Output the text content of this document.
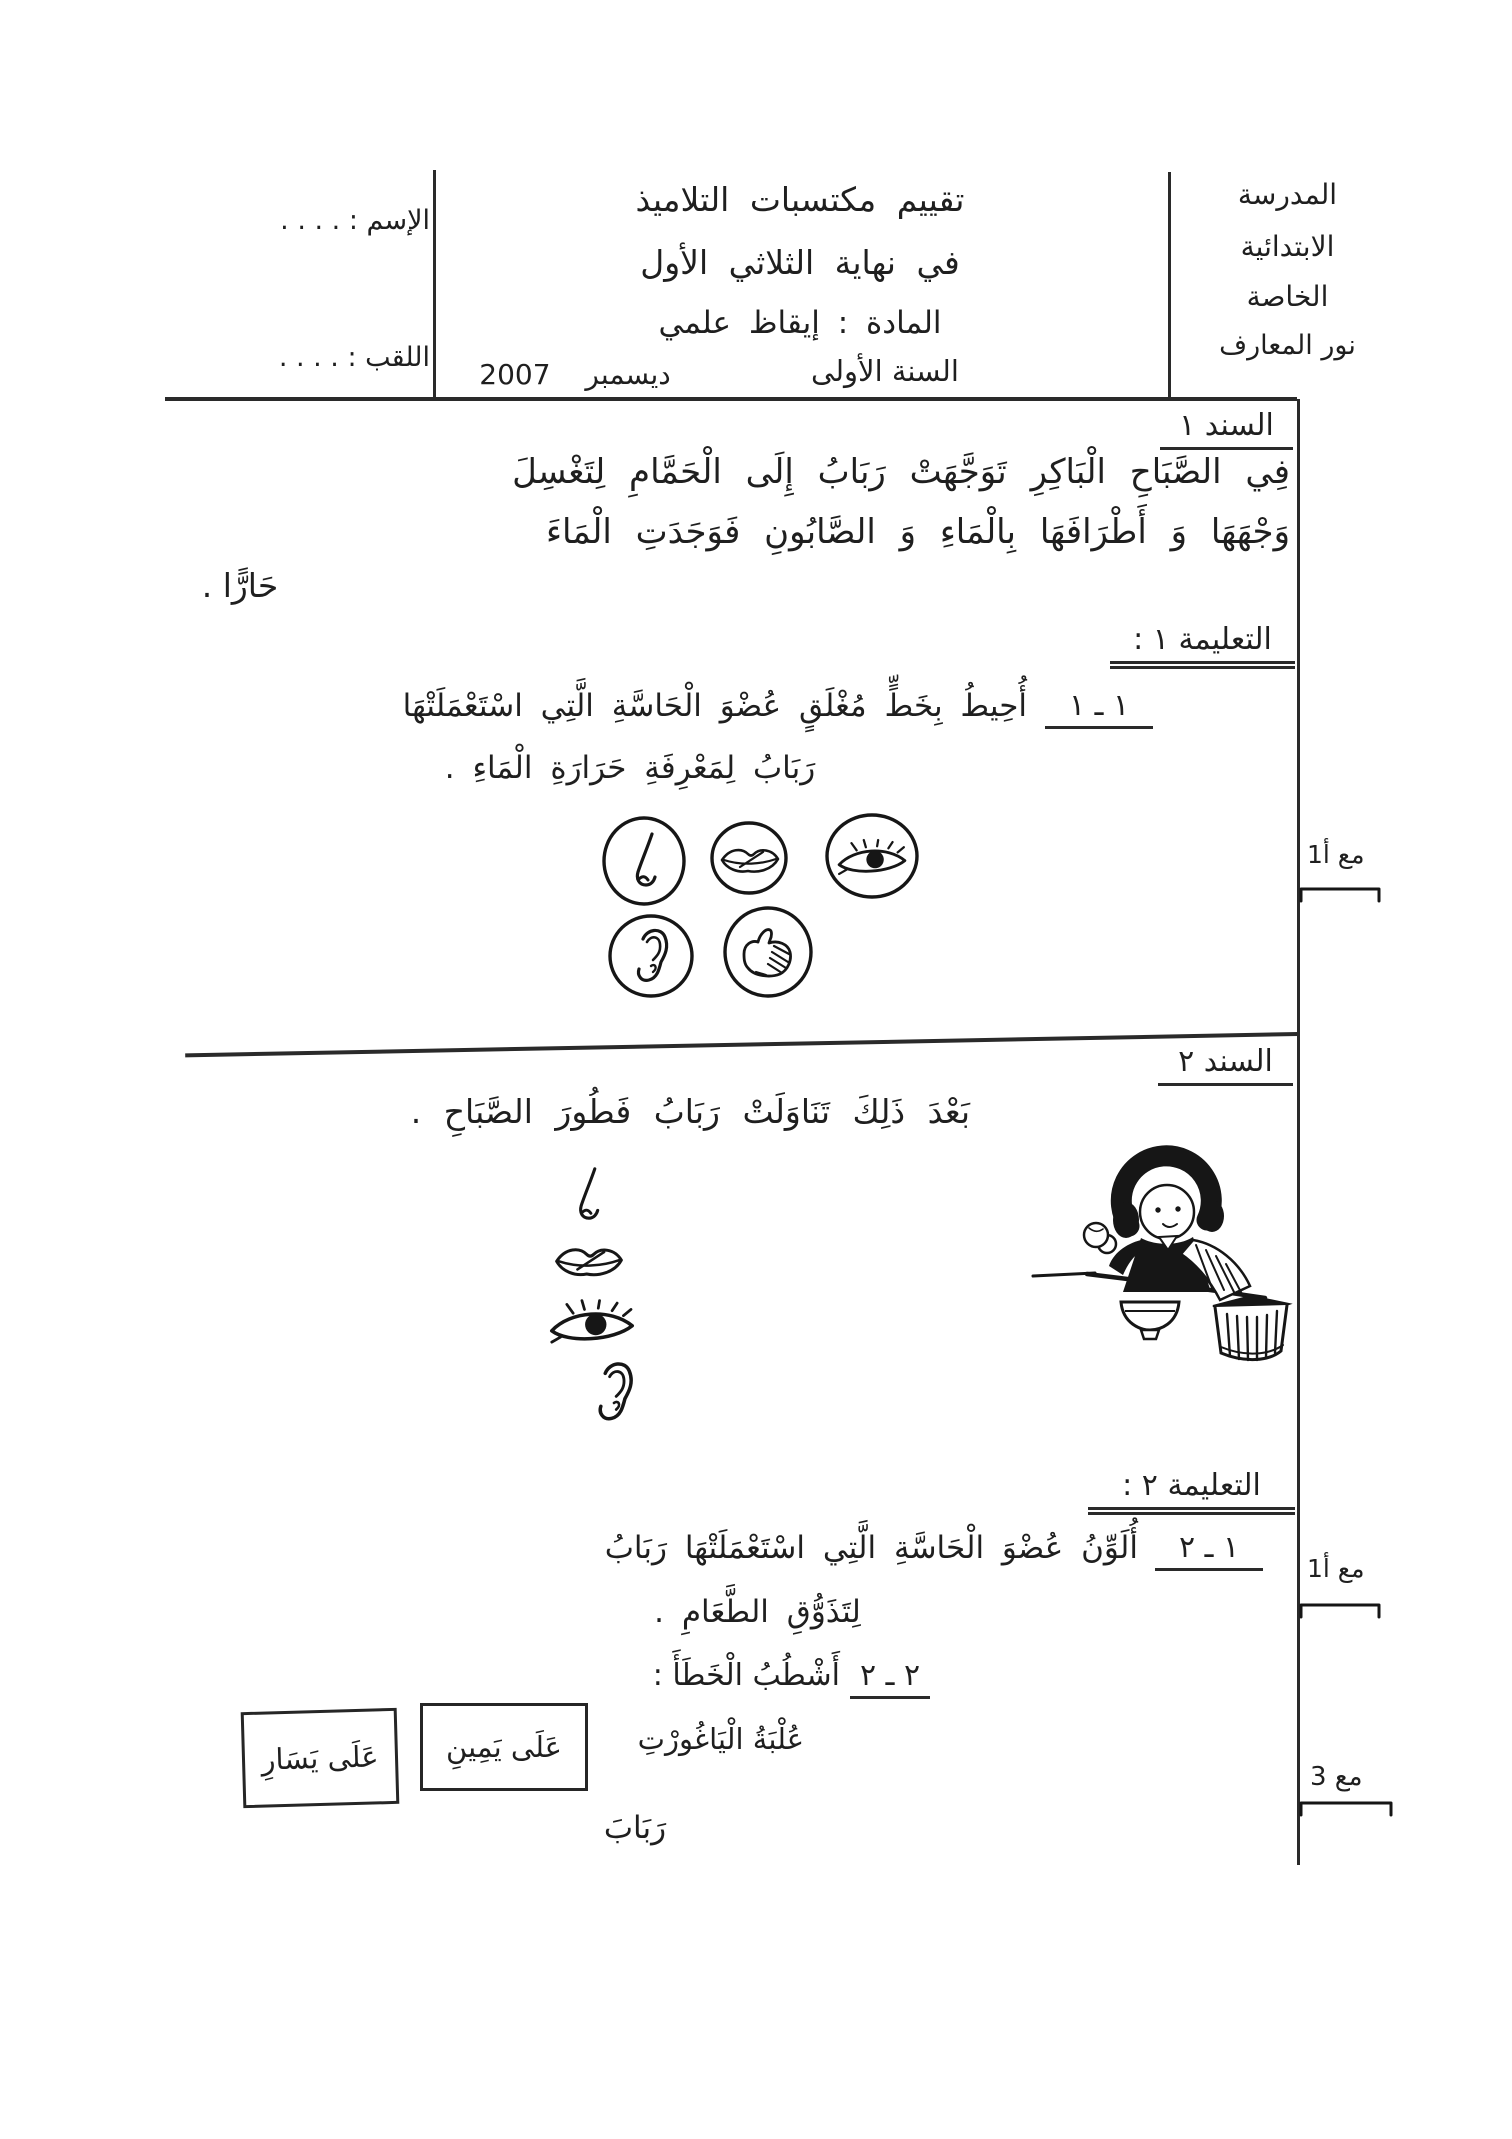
الإسم : . . . .
اللقب : . . . .
تقييم مكتسبات التلاميذ
في نهاية الثلاثي الأول
المادة : إيقاظ علمي
السنة الأولى
ديسمبر 2007
المدرسة
الابتدائية
الخاصة
نور المعارف
السند ١
فِي الصَّبَاحِ الْبَاكِرِ تَوَجَّهَتْ رَبَابُ إِلَى الْحَمَّامِ لِتَغْسِلَ
وَجْهَهَا وَ أَطْرَافَهَا بِالْمَاءِ وَ الصَّابُونِ فَوَجَدَتِ الْمَاءَ
حَارًّا .
التعليمة ١ :
١ ـ ١
أُحِيطُ بِخَطٍّ مُغْلَقٍ عُضْوَ الْحَاسَّةِ الَّتِي اسْتَعْمَلَتْهَا
رَبَابُ لِمَعْرِفَةِ حَرَارَةِ الْمَاءِ .
مع أ1
السند ٢
بَعْدَ ذَلِكَ تَنَاوَلَتْ رَبَابُ فَطُورَ الصَّبَاحِ .
التعليمة ٢ :
١ ـ ٢
أُلَوِّنُ عُضْوَ الْحَاسَّةِ الَّتِي اسْتَعْمَلَتْهَا رَبَابُ
لِتَذَوُّقِ الطَّعَامِ .
٢ ـ ٢
أَشْطُبُ الْخَطَأَ :
عُلْبَةُ الْيَاغُورْتِ
عَلَى يَمِينِ
عَلَى يَسَارِ
رَبَابَ
مع أ1
مع 3
